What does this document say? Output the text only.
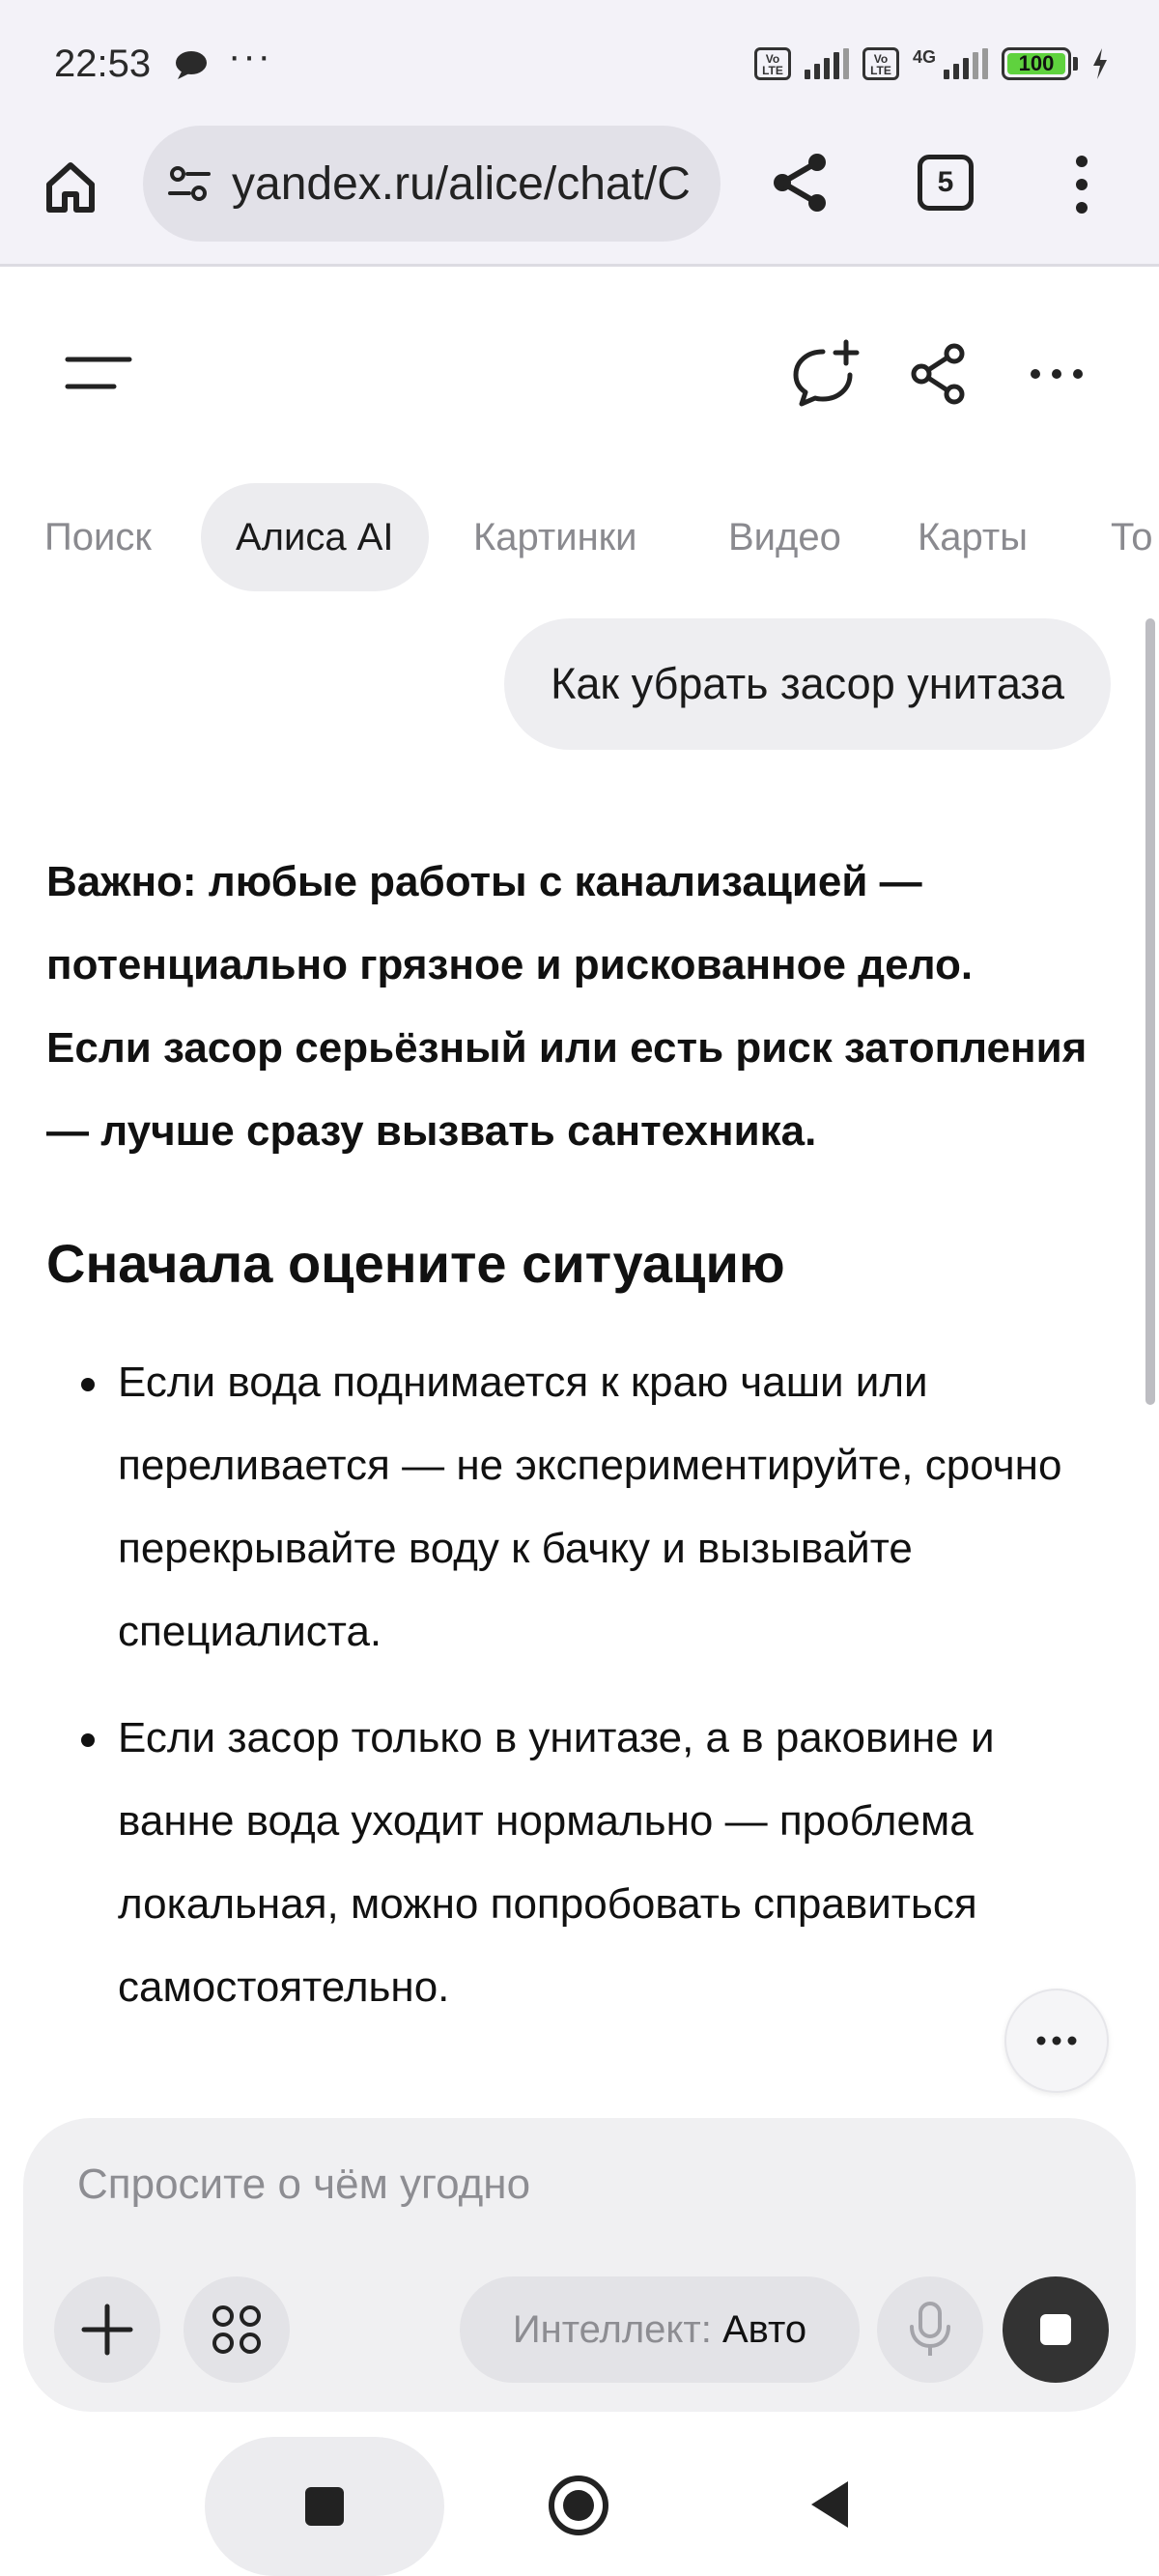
22:53 ···	Vo LTE
Vo LTE
4G	100
yandex.ru/alice/chat/C	5
Поиск	Алиса AI	Картинки	Видео	Карты	То
Как убрать засор унитаза

Важно: любые работы с канализацией — потенциально грязное и рискованное дело. Если засор серьёзный или есть риск затопления — лучше сразу вызвать сантехника.

Сначала оцените ситуацию
Если вода поднимается к краю чаши или переливается — не экспериментируйте, срочно перекрывайте воду к бачку и вызывайте специалиста.
Если засор только в унитазе, а в раковине и ванне вода уходит нормально — проблема локальная, можно попробовать справиться самостоятельно.
Спросите о чём угодно
Интеллект: Авто
